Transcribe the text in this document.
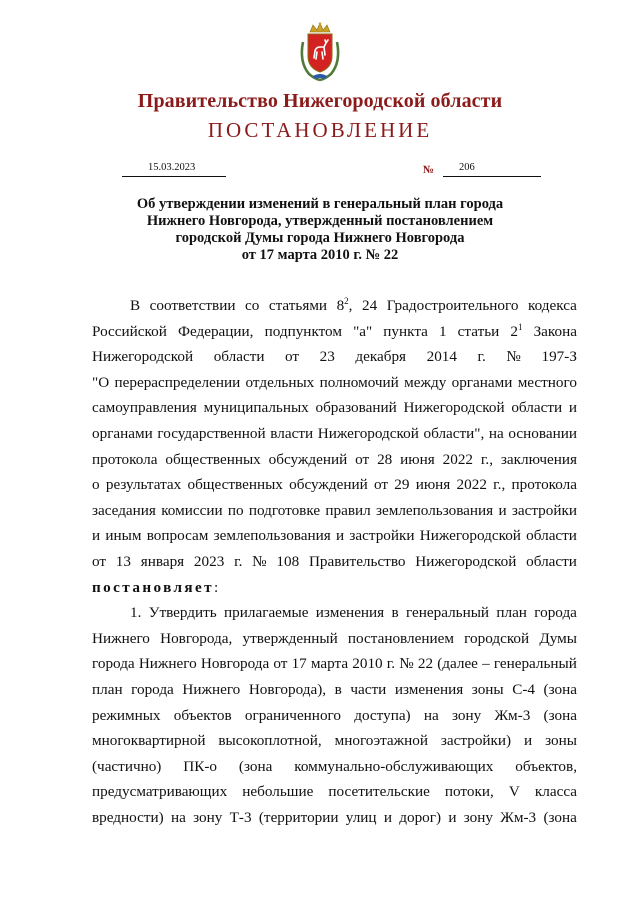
Правительство Нижегородской области
ПОСТАНОВЛЕНИЕ
15.03.2023	№	206
Об утверждении изменений в генеральный план города
Нижнего Новгорода, утвержденный постановлением
городской Думы города Нижнего Новгорода
от 17 марта 2010 г. № 22
В соответствии со статьями $8^2$, 24 Градостроительного кодекса
Российской Федерации, подпунктом "а" пункта 1 статьи $2^1$ Закона
Нижегородской области от 23 декабря 2014 г. № 197-З
"О перераспределении отдельных полномочий между органами местного
самоуправления муниципальных образований Нижегородской области и
органами государственной власти Нижегородской области", на основании
протокола общественных обсуждений от 28 июня 2022 г., заключения
о результатах общественных обсуждений от 29 июня 2022 г., протокола
заседания комиссии по подготовке правил землепользования и застройки
и иным вопросам землепользования и застройки Нижегородской области
от 13 января 2023 г. № 108 Правительство Нижегородской области
постановляет :
1. Утвердить прилагаемые изменения в генеральный план города
Нижнего Новгорода, утвержденный постановлением городской Думы
города Нижнего Новгорода от 17 марта 2010 г. № 22 (далее – генеральный
план города Нижнего Новгорода), в части изменения зоны С-4 (зона
режимных объектов ограниченного доступа) на зону Жм-3 (зона
многоквартирной высокоплотной, многоэтажной застройки) и зоны
(частично) ПК-о (зона коммунально-обслуживающих объектов,
предусматривающих небольшие посетительские потоки, V класса
вредности) на зону Т-3 (территории улиц и дорог) и зону Жм-3 (зона
